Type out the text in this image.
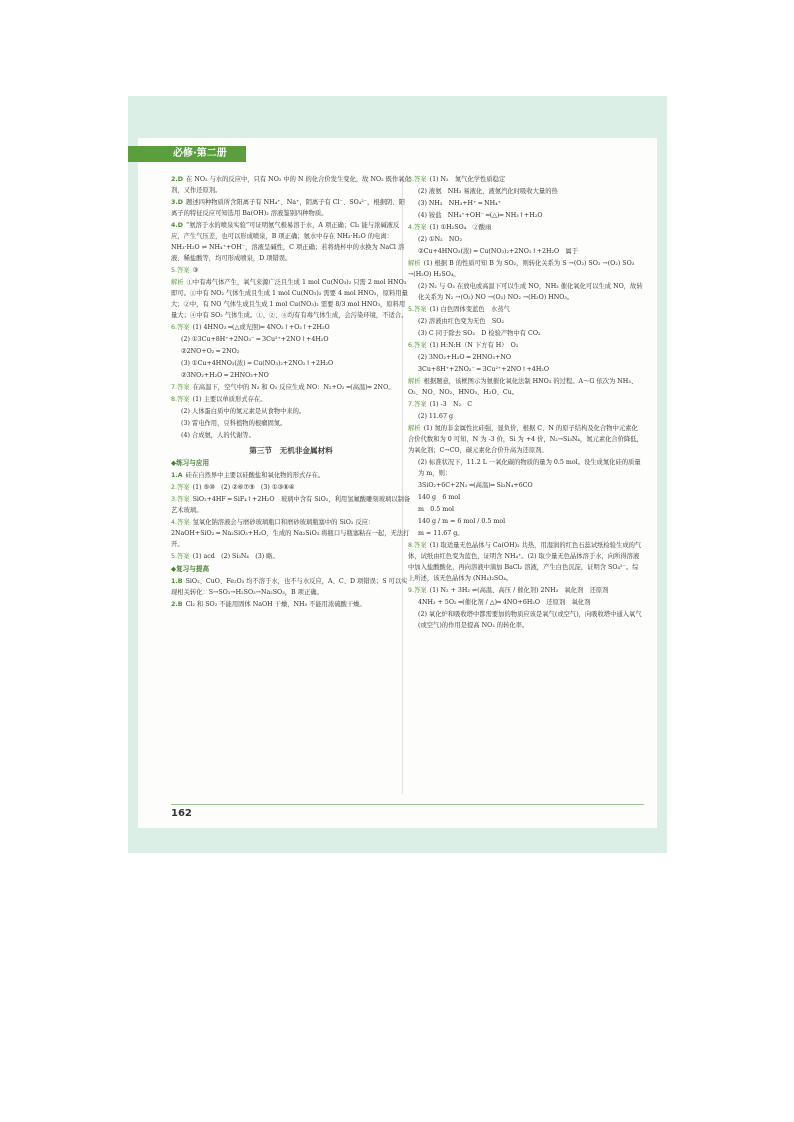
必修·第二册

2.D 在 NO₂ 与水的反应中，只有 NO₂ 中的 N 的化合价发生变化，故 NO₂ 既作氧化剂，又作还原剂。

3.D 题述四种物质所含阳离子有 NH₄⁺、Na⁺，阴离子有 Cl⁻、SO₄²⁻，根据阴、阳离子的特征反应可知选用 Ba(OH)₂ 溶液鉴别四种物质。

4.D “氨溶于水的喷泉实验”可证明氨气极易溶于水，A 项正确；Cl₂ 能与浓碱液反应，产生气压差，也可以形成喷泉，B 项正确；氨水中存在 NH₃·H₂O 的电离：NH₃·H₂O ⇌ NH₄⁺+OH⁻，溶液呈碱性，C 项正确；若将烧杯中的水换为 NaCl 溶液、稀盐酸等，均可形成喷泉，D 项错误。

5.答案 ③

解析 ①中有毒气体产生，氧气来源广泛且生成 1 mol Cu(NO₃)₂ 只需 2 mol HNO₃ 即可。①中有 NO₂ 气体生成且生成 1 mol Cu(NO₃)₂ 需要 4 mol HNO₃，原料用量大；②中，有 NO 气体生成且生成 1 mol Cu(NO₃)₂ 需要 8/3 mol HNO₃，原料用量大；④中有 SO₂ 气体生成。①、②、④均有有毒气体生成，会污染环境，不适合。

6.答案 (1) 4HNO₃ ═(△或光照)═ 4NO₂↑+O₂↑+2H₂O

(2) ①3Cu+8H⁺+2NO₃⁻ ═ 3Cu²⁺+2NO↑+4H₂O

②2NO+O₂ ═ 2NO₂

(3) ①Cu+4HNO₃(浓) ═ Cu(NO₃)₂+2NO₂↑+2H₂O

②3NO₂+H₂O ═ 2HNO₃+NO

7.答案 在高温下，空气中的 N₂ 和 O₂ 反应生成 NO：N₂+O₂ ═(高温)═ 2NO。

8.答案 (1) 主要以单质形式存在。

(2) 人体蛋白质中的氮元素是从食物中来的。

(3) 雷电作用，豆科植物的根瘤固氮。

(4) 合成氨，人的代谢等。

第三节　无机非金属材料
◆练习与应用

1.A 硅在自然界中主要以硅酸盐和氧化物的形式存在。

2.答案 (1) ⑤⑩　(2) ②⑥⑦⑨　(3) ①③⑧④

3.答案 SiO₂+4HF ═ SiF₄↑+2H₂O　玻璃中含有 SiO₂，利用氢氟酸雕刻玻璃以制备艺术玻璃。

4.答案 氢氧化钠溶液会与磨砂玻璃瓶口和磨砂玻璃瓶塞中的 SiO₂ 反应：2NaOH+SiO₂ ═ Na₂SiO₃+H₂O，生成的 Na₂SiO₃ 将瓶口与瓶塞粘在一起，无法打开。

5.答案 (1) acd　(2) Si₃N₄　(3) 略。

◆复习与提高

1.B SiO₂、CuO、Fe₂O₃ 均不溶于水，也不与水反应，A、C、D 项错误；S 可以实现相关转化：S→SO₂→H₂SO₃→Na₂SO₃，B 项正确。

2.B Cl₂ 和 SO₂ 不能用固体 NaOH 干燥，NH₃ 不能用浓硫酸干燥。

3.答案 (1) N₂　氮气化学性质稳定

(2) 液氨　NH₃ 易液化，液氨汽化时吸收大量的热

(3) NH₃　NH₃+H⁺ ═ NH₄⁺

(4) 铵盐　NH₄⁺+OH⁻ ═(△)═ NH₃↑+H₂O

4.答案 (1) ①H₂SO₄　②酸雨

(2) ①N₂　NO₂

②Cu+4HNO₃(浓) ═ Cu(NO₃)₂+2NO₂↑+2H₂O　属于

解析 (1) 根据 B 的性质可知 B 为 SO₂，则转化关系为 S →(O₂) SO₂ →(O₂) SO₃ →(H₂O) H₂SO₄。

(2) N₂ 与 O₂ 在放电或高温下可以生成 NO，NH₃ 催化氧化可以生成 NO，故转化关系为 N₂ →(O₂) NO →(O₂) NO₂ →(H₂O) HNO₃。

5.答案 (1) 白色固体变蓝色　水蒸气

(2) 溶液由红色变为无色　SO₂

(3) C 同于除去 SO₂　D 检验产物中有 CO₂

6.答案 (1) H:N:H（N 下方有 H）　O₂

(2) 3NO₂+H₂O ═ 2HNO₃+NO

3Cu+8H⁺+2NO₃⁻ ═ 3Cu²⁺+2NO↑+4H₂O

解析 根据题意，该框图示为氨催化氧化法制 HNO₃ 的过程。A～G 依次为 NH₃、O₂、NO、NO₂、HNO₃、H₂O、Cu。

7.答案 (1) -3　N₂　C

(2) 11.67 g

解析 (1) 氮的非金属性比硅强，显负价，根据 C、N 的原子结构及化合物中元素化合价代数和为 0 可知，N 为 -3 价，Si 为 +4 价，N₂→Si₃N₄，氮元素化合价降低，为氧化剂；C→CO，碳元素化合价升高为还原剂。

(2) 标准状况下，11.2 L 一氧化碳的物质的量为 0.5 mol。设生成氮化硅的质量为 m，则：

3SiO₂+6C+2N₂ ═(高温)═ Si₃N₄+6CO

140 g　6 mol

m　0.5 mol

140 g / m = 6 mol / 0.5 mol

m ≈ 11.67 g。

8.答案 (1) 取适量无色晶体与 Ca(OH)₂ 共热，用湿润的红色石蕊试纸检验生成的气体，试纸由红色变为蓝色，证明含 NH₄⁺。(2) 取少量无色晶体溶于水，向所得溶液中加入盐酸酸化，再向溶液中滴加 BaCl₂ 溶液，产生白色沉淀，证明含 SO₄²⁻。综上所述，该无色晶体为 (NH₄)₂SO₄。

9.答案 (1) N₂ + 3H₂ ⇌(高温、高压 / 催化剂) 2NH₃　氧化剂　还原剂

4NH₃ + 5O₂ ═(催化剂 / △)═ 4NO+6H₂O　还原剂　氧化剂

(2) 氧化炉和吸收塔中都需要加的物质应该是氧气(或空气)，向吸收塔中通入氧气(或空气)的作用是提高 NO₂ 的转化率。

162
